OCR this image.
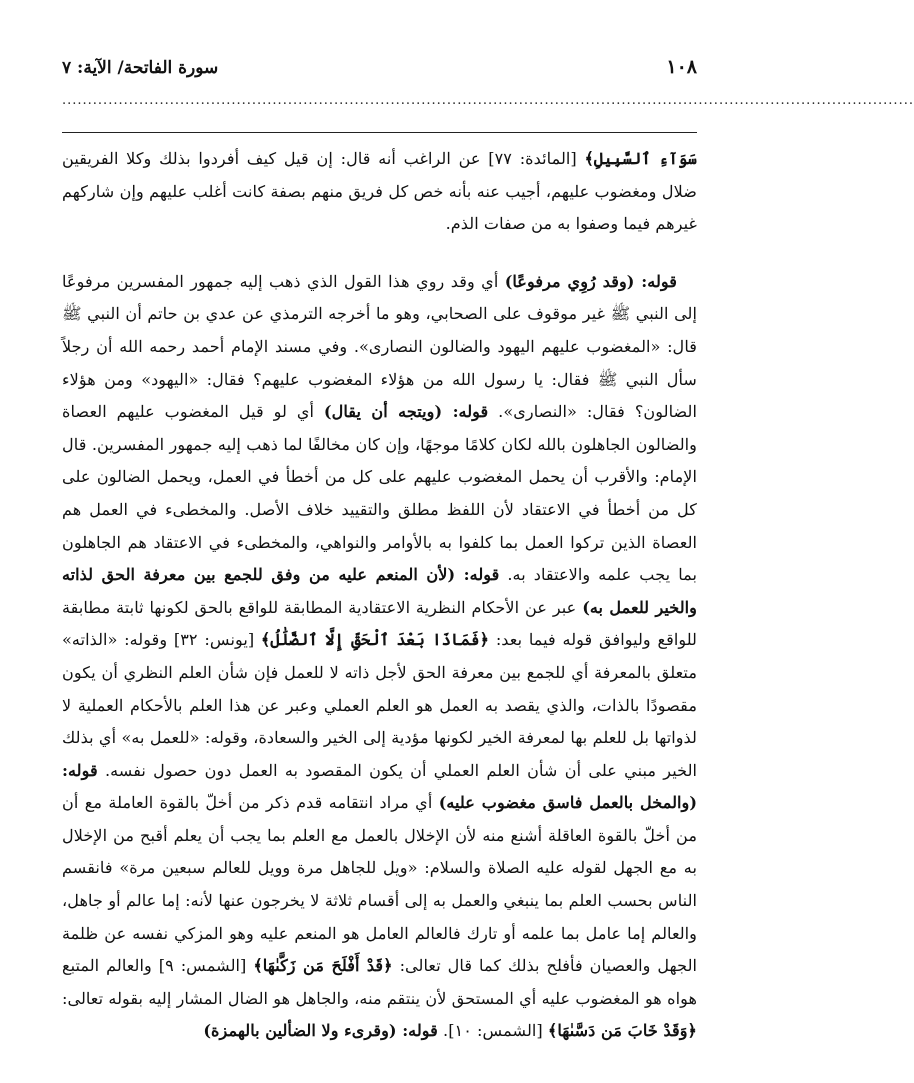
١٠٨
سورة الفاتحة/ الآية: ٧
......................................................................................................................................................................

سَوَآءِ ٱلسَّبِيلِ﴾ [المائدة: ٧٧] عن الراغب أنه قال: إن قيل كيف أفردوا بذلك وكلا الفريقين ضلال ومغضوب عليهم، أجيب عنه بأنه خص كل فريق منهم بصفة كانت أغلب عليهم وإن شاركهم غيرهم فيما وصفوا به من صفات الذم.

قوله: (وقد رُوِي مرفوعًا) أي وقد روي هذا القول الذي ذهب إليه جمهور المفسرين مرفوعًا إلى النبي ﷺ غير موقوف على الصحابي، وهو ما أخرجه الترمذي عن عدي بن حاتم أن النبي ﷺ قال: «المغضوب عليهم اليهود والضالون النصارى». وفي مسند الإمام أحمد رحمه الله أن رجلاً سأل النبي ﷺ فقال: يا رسول الله من هؤلاء المغضوب عليهم؟ فقال: «اليهود» ومن هؤلاء الضالون؟ فقال: «النصارى». قوله: (ويتجه أن يقال) أي لو قيل المغضوب عليهم العصاة والضالون الجاهلون بالله لكان كلامًا موجهًا، وإن كان مخالفًا لما ذهب إليه جمهور المفسرين. قال الإمام: والأقرب أن يحمل المغضوب عليهم على كل من أخطأ في العمل، ويحمل الضالون على كل من أخطأ في الاعتقاد لأن اللفظ مطلق والتقييد خلاف الأصل. والمخطىء في العمل هم العصاة الذين تركوا العمل بما كلفوا به بالأوامر والنواهي، والمخطىء في الاعتقاد هم الجاهلون بما يجب علمه والاعتقاد به. قوله: (لأن المنعم عليه من وفق للجمع بين معرفة الحق لذاته والخير للعمل به) عبر عن الأحكام النظرية الاعتقادية المطابقة للواقع بالحق لكونها ثابتة مطابقة للواقع وليوافق قوله فيما بعد: ﴿فَمَاذَا بَعْدَ ٱلْحَقِّ إِلَّا ٱلضَّلَٰلُ﴾ [يونس: ٣٢] وقوله: «الذاته» متعلق بالمعرفة أي للجمع بين معرفة الحق لأجل ذاته لا للعمل فإن شأن العلم النظري أن يكون مقصودًا بالذات، والذي يقصد به العمل هو العلم العملي وعبر عن هذا العلم بالأحكام العملية لا لذواتها بل للعلم بها لمعرفة الخير لكونها مؤدية إلى الخير والسعادة، وقوله: «للعمل به» أي بذلك الخير مبني على أن شأن العلم العملي أن يكون المقصود به العمل دون حصول نفسه. قوله: (والمخل بالعمل فاسق مغضوب عليه) أي مراد انتقامه قدم ذكر من أخلّ بالقوة العاملة مع أن من أخلّ بالقوة العاقلة أشنع منه لأن الإخلال بالعمل مع العلم بما يجب أن يعلم أقبح من الإخلال به مع الجهل لقوله عليه الصلاة والسلام: «ويل للجاهل مرة وويل للعالم سبعين مرة» فانقسم الناس بحسب العلم بما ينبغي والعمل به إلى أقسام ثلاثة لا يخرجون عنها لأنه: إما عالم أو جاهل، والعالم إما عامل بما علمه أو تارك فالعالم العامل هو المنعم عليه وهو المزكي نفسه عن ظلمة الجهل والعصيان فأفلح بذلك كما قال تعالى: ﴿قَدْ أَفْلَحَ مَن زَكَّىٰهَا﴾ [الشمس: ٩] والعالم المتبع هواه هو المغضوب عليه أي المستحق لأن ينتقم منه، والجاهل هو الضال المشار إليه بقوله تعالى: ﴿وَقَدْ خَابَ مَن دَسَّىٰهَا﴾ [الشمس: ١٠]. قوله: (وقرىء ولا الضألين بالهمزة)
